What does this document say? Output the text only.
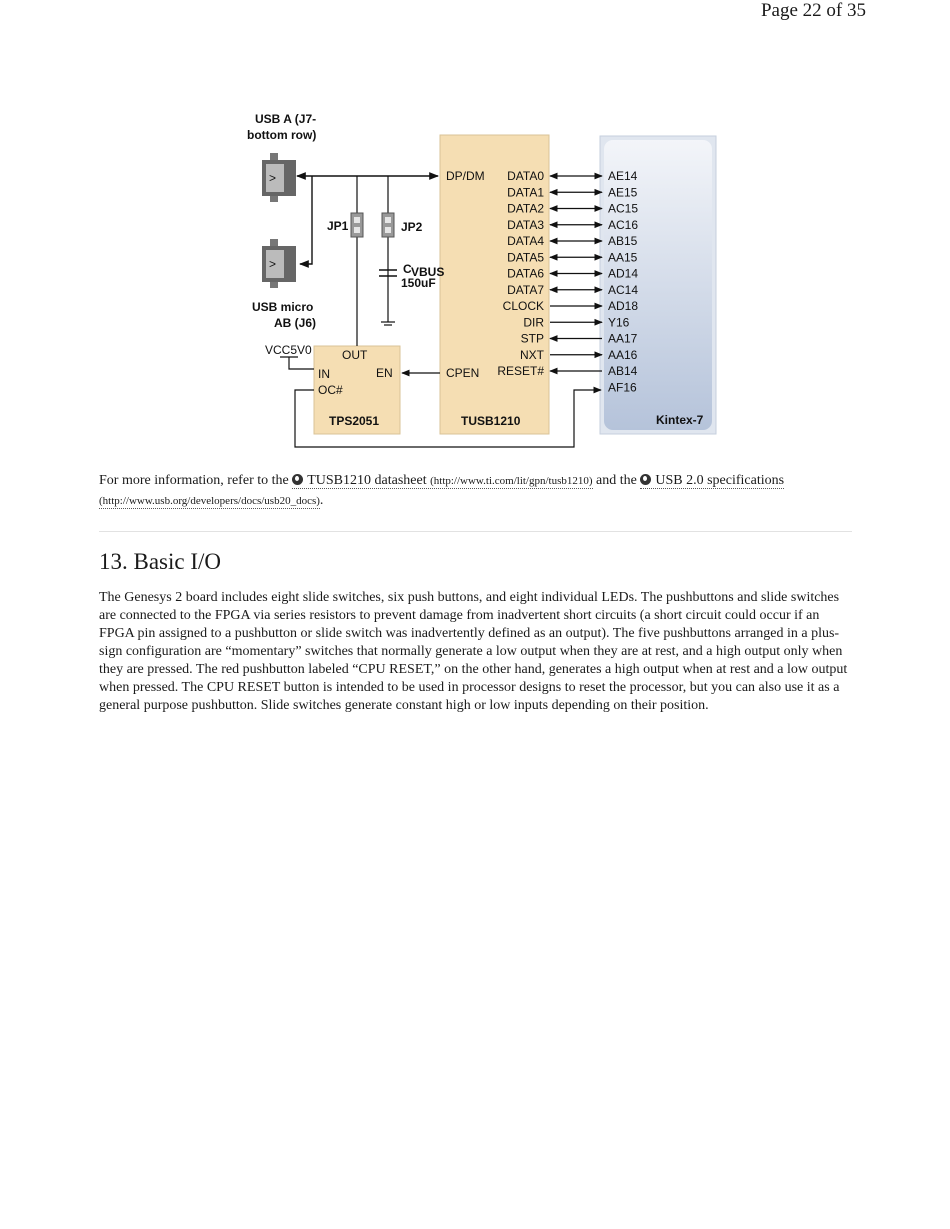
Page 22 of 35
>
>
USB A (J7-
bottom row)
USB micro
AB (J6)
JP1	JP2
C VBUS
150uF
VCC5V0	OUT
IN	EN
OC#
TPS2051
CPEN
DP/DM
TUSB1210	Kintex-7
DATA0	AE14
DATA1	AE15
DATA2	AC15
DATA3	AC16
DATA4	AB15
DATA5	AA15
DATA6	AD14
DATA7	AC14
CLOCK	AD18
DIR	Y16
STP	AA17
NXT	AA16
RESET#	AB14
AF16
For more information, refer to the TUSB1210 datasheet (http://www.ti.com/lit/gpn/tusb1210) and the USB 2.0 specifications (http://www.usb.org/developers/docs/usb20_docs).
13. Basic I/O

The Genesys 2 board includes eight slide switches, six push buttons, and eight individual LEDs. The pushbuttons and slide switches are connected to the FPGA via series resistors to prevent damage from inadvertent short circuits (a short circuit could occur if an FPGA pin assigned to a pushbutton or slide switch was inadvertently defined as an output). The five pushbuttons arranged in a plus-sign configuration are “momentary” switches that normally generate a low output when they are at rest, and a high output only when they are pressed. The red pushbutton labeled “CPU RESET,” on the other hand, generates a high output when at rest and a low output when pressed. The CPU RESET button is intended to be used in processor designs to reset the processor, but you can also use it as a general purpose pushbutton. Slide switches generate constant high or low inputs depending on their position.
